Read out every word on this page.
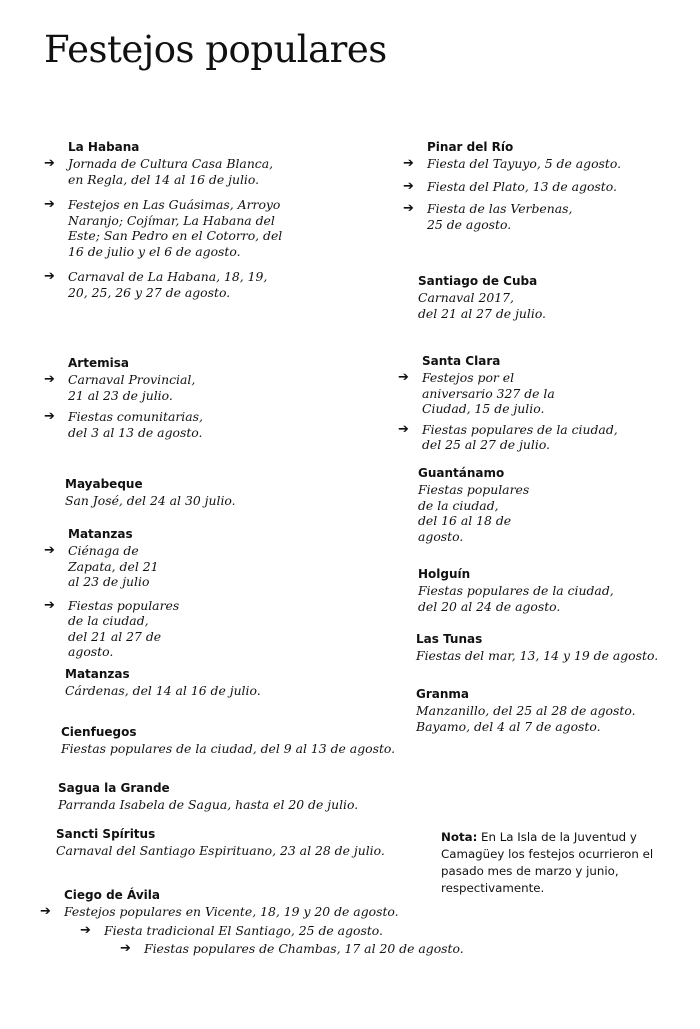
Festejos populares
La Habana
➔ Jornada de Cultura Casa Blanca,
en Regla, del 14 al 16 de julio.
➔ Festejos en Las Guásimas, Arroyo
Naranjo; Cojímar, La Habana del
Este; San Pedro en el Cotorro, del
16 de julio y el 6 de agosto.
➔ Carnaval de La Habana, 18, 19,
20, 25, 26 y 27 de agosto.
Artemisa
➔ Carnaval Provincial,
21 al 23 de julio.
➔ Fiestas comunitarias,
del 3 al 13 de agosto.
Mayabeque
San José, del 24 al 30 julio.
Matanzas
➔ Ciénaga de
Zapata, del 21
al 23 de julio
➔ Fiestas populares
de la ciudad,
del 21 al 27 de
agosto.
Matanzas
Cárdenas, del 14 al 16 de julio.
Cienfuegos
Fiestas populares de la ciudad, del 9 al 13 de agosto.
Sagua la Grande
Parranda Isabela de Sagua, hasta el 20 de julio.
Sancti Spíritus
Carnaval del Santiago Espirituano, 23 al 28 de julio.
Ciego de Ávila
➔ Festejos populares en Vicente, 18, 19 y 20 de agosto.
➔ Fiesta tradicional El Santiago, 25 de agosto.
➔ Fiestas populares de Chambas, 17 al 20 de agosto.
Pinar del Río
➔ Fiesta del Tayuyo, 5 de agosto.
➔ Fiesta del Plato, 13 de agosto.
➔ Fiesta de las Verbenas,
25 de agosto.
Santiago de Cuba
Carnaval 2017,
del 21 al 27 de julio.
Santa Clara
➔ Festejos por el
aniversario 327 de la
Ciudad, 15 de julio.
➔ Fiestas populares de la ciudad,
del 25 al 27 de julio.
Guantánamo
Fiestas populares
de la ciudad,
del 16 al 18 de
agosto.
Holguín
Fiestas populares de la ciudad,
del 20 al 24 de agosto.
Las Tunas
Fiestas del mar, 13, 14 y 19 de agosto.
Granma
Manzanillo, del 25 al 28 de agosto.
Bayamo, del 4 al 7 de agosto.
Nota: En La Isla de la Juventud y Camagüey los festejos ocurrieron el pasado mes de marzo y junio, respectivamente.
